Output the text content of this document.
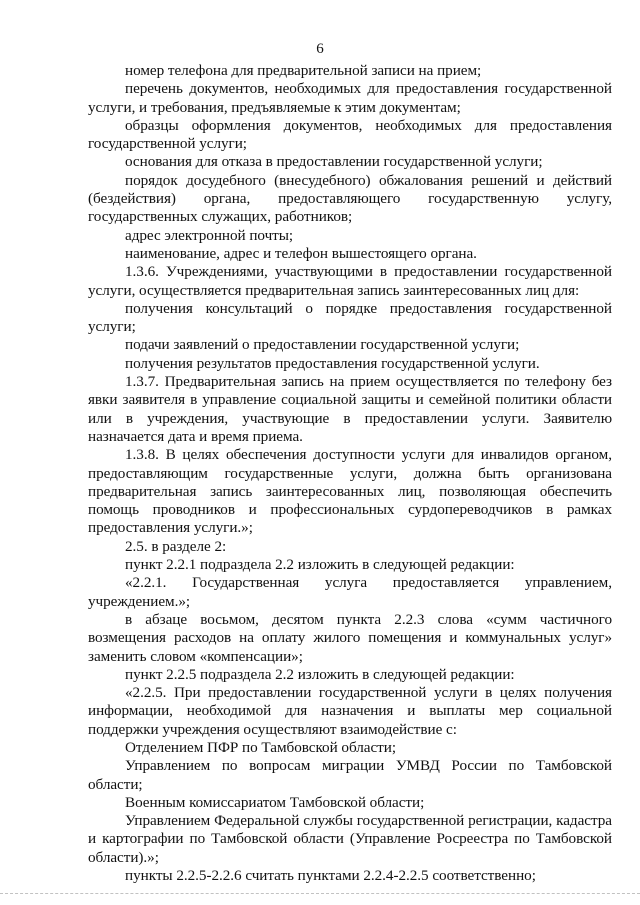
6

номер телефона для предварительной записи на прием;

перечень документов, необходимых для предоставления государственной услуги, и требования, предъявляемые к этим документам;

образцы оформления документов, необходимых для предоставления государственной услуги;

основания для отказа в предоставлении государственной услуги;

порядок досудебного (внесудебного) обжалования решений и действий (бездействия) органа, предоставляющего государственную услугу, государственных служащих, работников;

адрес электронной почты;

наименование, адрес и телефон вышестоящего органа.

1.3.6. Учреждениями, участвующими в предоставлении государственной услуги, осуществляется предварительная запись заинтересованных лиц для:

получения консультаций о порядке предоставления государственной услуги;

подачи заявлений о предоставлении государственной услуги;

получения результатов предоставления государственной услуги.

1.3.7. Предварительная запись на прием осуществляется по телефону без явки заявителя в управление социальной защиты и семейной политики области или в учреждения, участвующие в предоставлении услуги. Заявителю назначается дата и время приема.

1.3.8. В целях обеспечения доступности услуги для инвалидов органом, предоставляющим государственные услуги, должна быть организована предварительная запись заинтересованных лиц, позволяющая обеспечить помощь проводников и профессиональных сурдопереводчиков в рамках предоставления услуги.»;

2.5. в разделе 2:

пункт 2.2.1 подраздела 2.2 изложить в следующей редакции:

«2.2.1. Государственная услуга предоставляется управлением, учреждением.»;

в абзаце восьмом, десятом пункта 2.2.3 слова «сумм частичного возмещения расходов на оплату жилого помещения и коммунальных услуг» заменить словом «компенсации»;

пункт 2.2.5 подраздела 2.2 изложить в следующей редакции:

«2.2.5. При предоставлении государственной услуги в целях получения информации, необходимой для назначения и выплаты мер социальной поддержки учреждения осуществляют взаимодействие с:

Отделением ПФР по Тамбовской области;

Управлением по вопросам миграции УМВД России по Тамбовской области;

Военным комиссариатом Тамбовской области;

Управлением Федеральной службы государственной регистрации, кадастра и картографии по Тамбовской области (Управление Росреестра по Тамбовской области).»;

пункты 2.2.5-2.2.6 считать пунктами 2.2.4-2.2.5 соответственно;
